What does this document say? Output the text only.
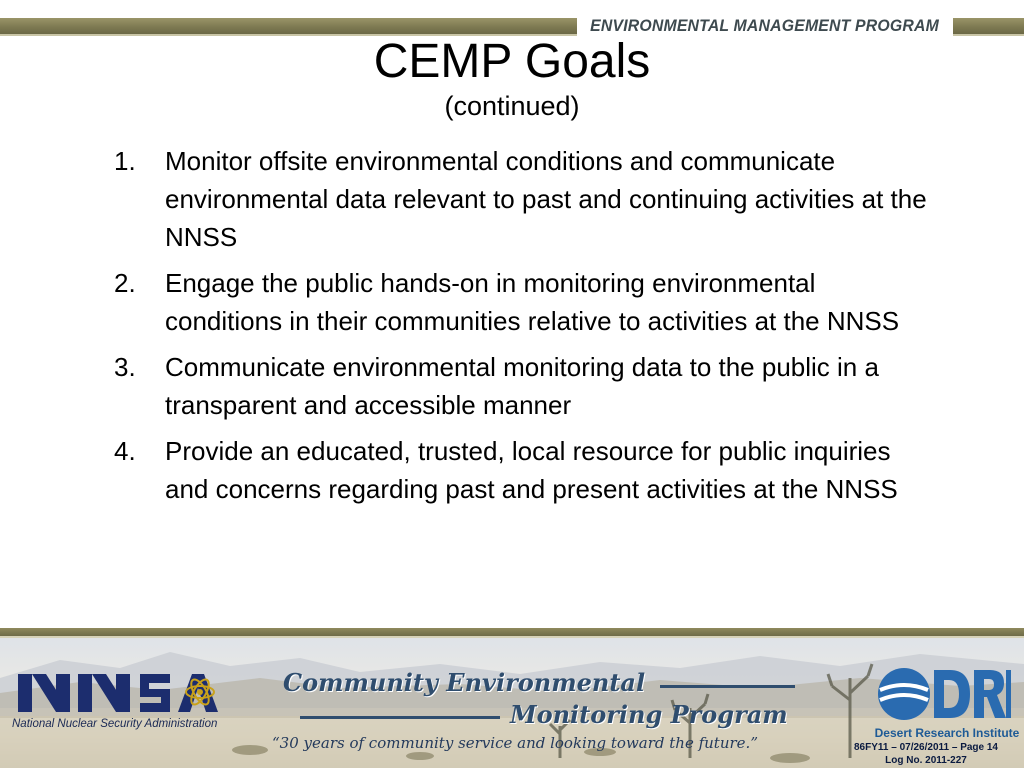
ENVIRONMENTAL MANAGEMENT PROGRAM
CEMP Goals
(continued)
1. Monitor offsite environmental conditions and communicate environmental data relevant to past and continuing activities at the NNSS
2. Engage the public hands-on in monitoring environmental conditions in their communities relative to activities at the NNSS
3. Communicate environmental monitoring data to the public in a transparent and accessible manner
4. Provide an educated, trusted, local resource for public inquiries and concerns regarding past and present activities at the NNSS
National Nuclear Security Administration
Community Environmental
Monitoring Program
“30 years of community service and looking toward the future.”
Desert Research Institute
86FY11 – 07/26/2011 – Page 14
Log No. 2011-227
